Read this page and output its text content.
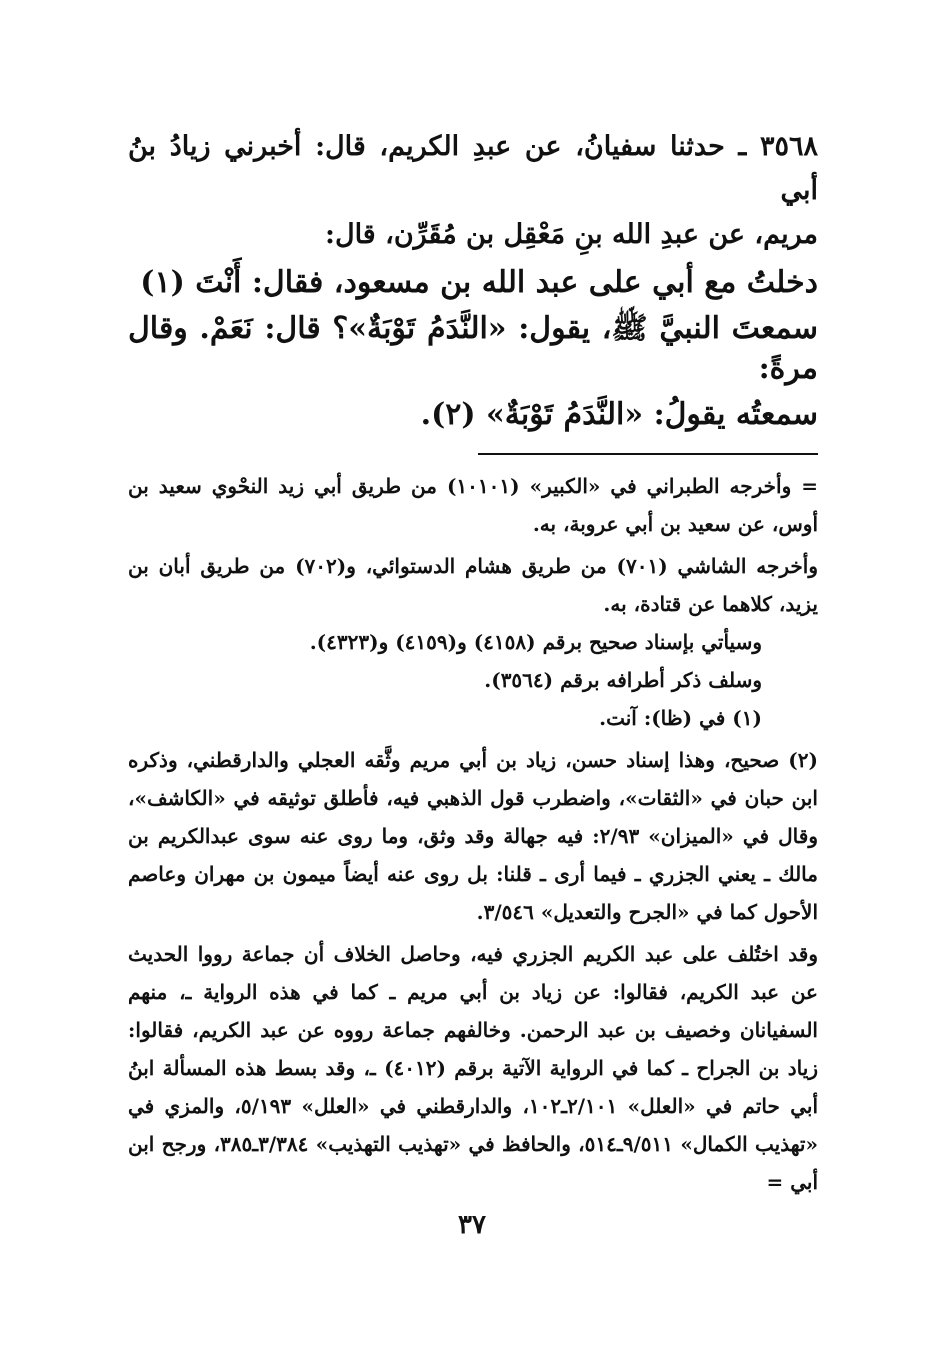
٣٥٦٨ ـ حدثنا سفيانُ، عن عبدِ الكريم، قال: أخبرني زيادُ بنُ أبي

مريم، عن عبدِ الله بنِ مَعْقِل بن مُقَرِّن، قال:

دخلتُ مع أبي على عبد الله بن مسعود، فقال: أَنْتَ (١)

سمعتَ النبيَّ ﷺ، يقول: «النَّدَمُ تَوْبَةٌ»؟ قال: نَعَمْ. وقال مرةً:

سمعتُه يقولُ: «النَّدَمُ تَوْبَةٌ» (٢).

= وأخرجه الطبراني في «الكبير» (١٠١٠١) من طريق أبي زيد النحْوي سعيد بن أوس، عن سعيد بن أبي عروبة، به.

وأخرجه الشاشي (٧٠١) من طريق هشام الدستوائي، و(٧٠٢) من طريق أبان بن يزيد، كلاهما عن قتادة، به.

وسيأتي بإسناد صحيح برقم (٤١٥٨) و(٤١٥٩) و(٤٣٢٣).

وسلف ذكر أطرافه برقم (٣٥٦٤).

(١) في (ظا): آنت.

(٢) صحيح، وهذا إسناد حسن، زياد بن أبي مريم وثَّقه العجلي والدارقطني، وذكره ابن حبان في «الثقات»، واضطرب قول الذهبي فيه، فأطلق توثيقه في «الكاشف»، وقال في «الميزان» ٢/٩٣: فيه جهالة وقد وثق، وما روى عنه سوى عبدالكريم بن مالك ـ يعني الجزري ـ فيما أرى ـ قلنا: بل روى عنه أيضاً ميمون بن مهران وعاصم الأحول كما في «الجرح والتعديل» ٣/٥٤٦.

وقد اختُلف على عبد الكريم الجزري فيه، وحاصل الخلاف أن جماعة رووا الحديث عن عبد الكريم، فقالوا: عن زياد بن أبي مريم ـ كما في هذه الرواية ـ، منهم السفيانان وخصيف بن عبد الرحمن. وخالفهم جماعة رووه عن عبد الكريم، فقالوا: زياد بن الجراح ـ كما في الرواية الآتية برقم (٤٠١٢) ـ، وقد بسط هذه المسألة ابنُ أبي حاتم في «العلل» ٢/١٠١ـ١٠٢، والدارقطني في «العلل» ٥/١٩٣، والمزي في «تهذيب الكمال» ٩/٥١١ـ٥١٤، والحافظ في «تهذيب التهذيب» ٣/٣٨٤ـ٣٨٥، ورجح ابن أبي =

٣٧
